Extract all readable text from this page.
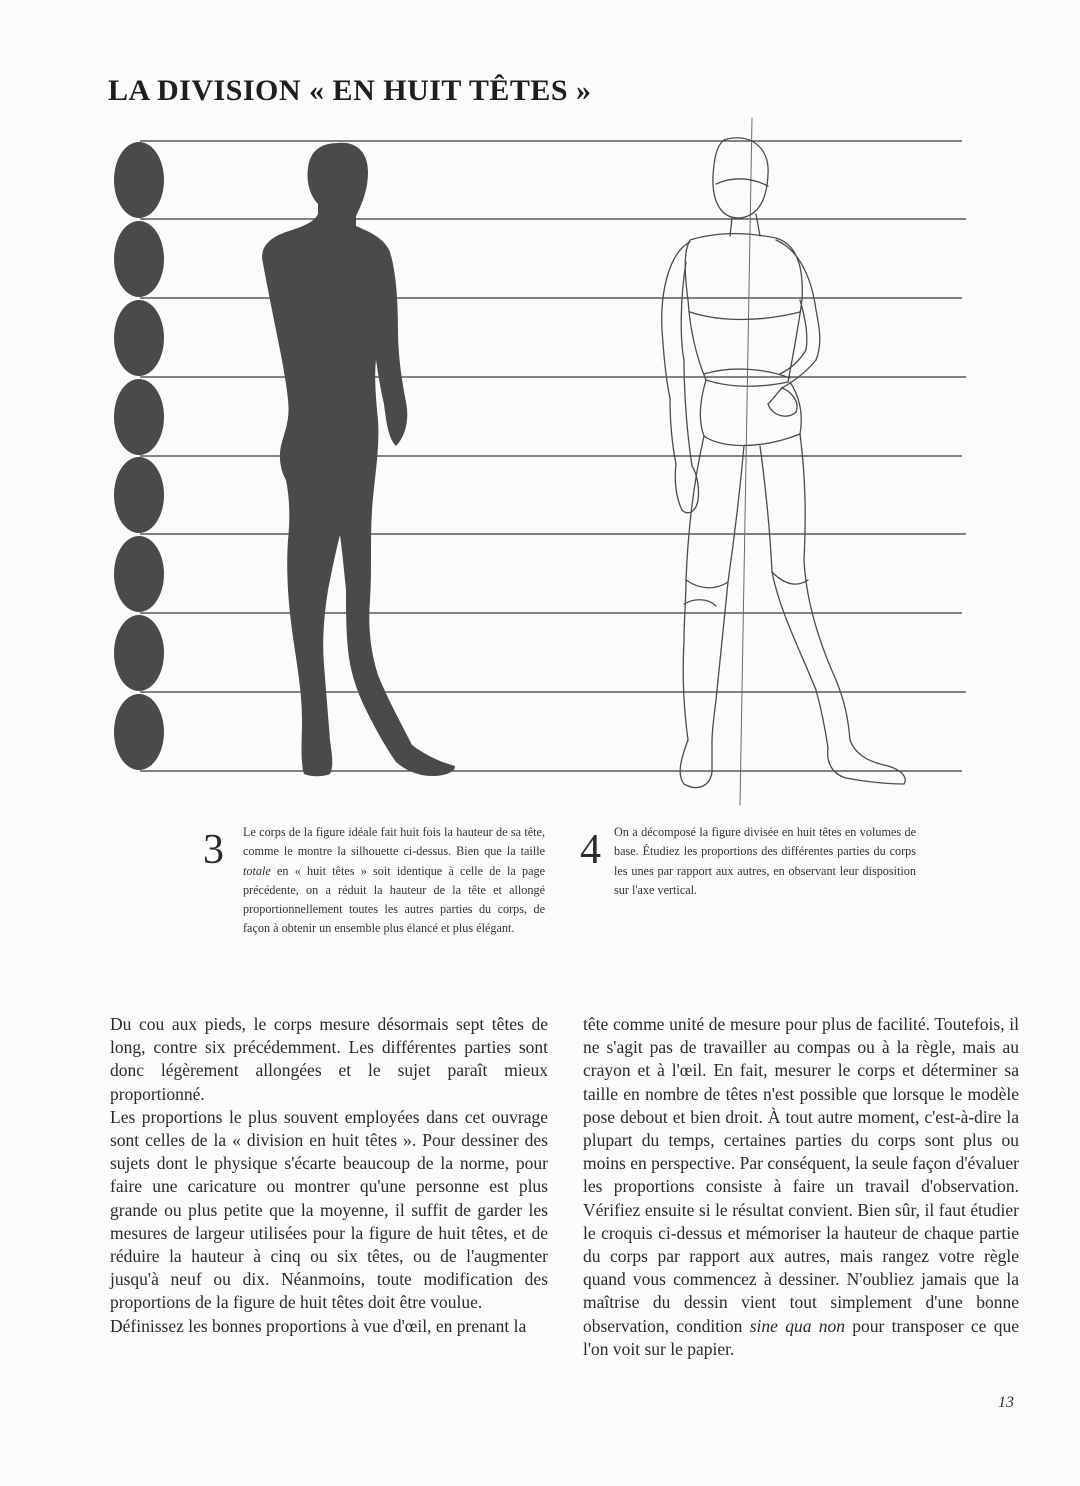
LA DIVISION « EN HUIT TÊTES »
3 Le corps de la figure idéale fait huit fois la hauteur de sa tête, comme le montre la silhouette ci-dessus. Bien que la taille totale en « huit têtes » soit identique à celle de la page précédente, on a réduit la hauteur de la tête et allongé proportionnellement toutes les autres parties du corps, de façon à obtenir un ensemble plus élancé et plus élégant.
4 On a décomposé la figure divisée en huit têtes en volumes de base. Étudiez les proportions des différentes parties du corps les unes par rapport aux autres, en observant leur disposition sur l'axe vertical.

Du cou aux pieds, le corps mesure désormais sept têtes de long, contre six précédemment. Les différentes parties sont donc légèrement allongées et le sujet paraît mieux proportionné.

Les proportions le plus souvent employées dans cet ouvrage sont celles de la « division en huit têtes ». Pour dessiner des sujets dont le physique s'écarte beaucoup de la norme, pour faire une caricature ou montrer qu'une personne est plus grande ou plus petite que la moyenne, il suffit de garder les mesures de largeur utilisées pour la figure de huit têtes, et de réduire la hauteur à cinq ou six têtes, ou de l'augmenter jusqu'à neuf ou dix. Néanmoins, toute modification des proportions de la figure de huit têtes doit être voulue.

Définissez les bonnes proportions à vue d'œil, en prenant la

tête comme unité de mesure pour plus de facilité. Toutefois, il ne s'agit pas de travailler au compas ou à la règle, mais au crayon et à l'œil. En fait, mesurer le corps et déterminer sa taille en nombre de têtes n'est possible que lorsque le modèle pose debout et bien droit. À tout autre moment, c'est-à-dire la plupart du temps, certaines parties du corps sont plus ou moins en perspective. Par conséquent, la seule façon d'évaluer les proportions consiste à faire un travail d'observation. Vérifiez ensuite si le résultat convient. Bien sûr, il faut étudier le croquis ci-dessus et mémoriser la hauteur de chaque partie du corps par rapport aux autres, mais rangez votre règle quand vous commencez à dessiner. N'oubliez jamais que la maîtrise du dessin vient tout simplement d'une bonne observation, condition sine qua non pour transposer ce que l'on voit sur le papier.

13
